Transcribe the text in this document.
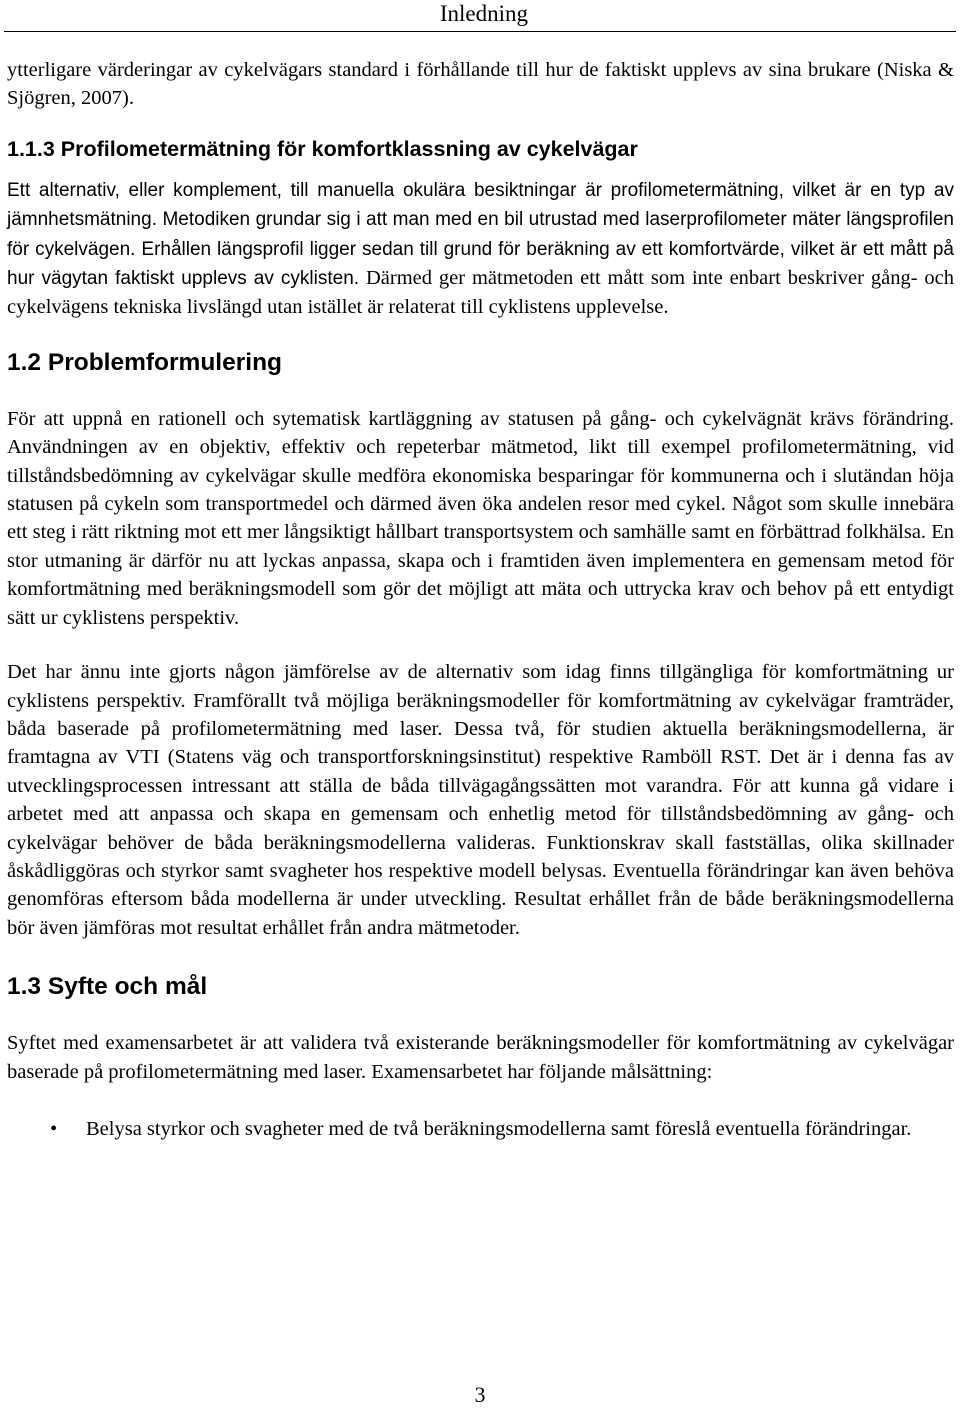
Inledning

ytterligare värderingar av cykelvägars standard i förhållande till hur de faktiskt upplevs av sina brukare (Niska & Sjögren, 2007).

1.1.3 Profilometermätning för komfortklassning av cykelvägar

Ett alternativ, eller komplement, till manuella okulära besiktningar är profilometermätning, vilket är en typ av jämnhetsmätning. Metodiken grundar sig i att man med en bil utrustad med laserprofilometer mäter längsprofilen för cykelvägen. Erhållen längsprofil ligger sedan till grund för beräkning av ett komfortvärde, vilket är ett mått på hur vägytan faktiskt upplevs av cyklisten. Därmed ger mätmetoden ett mått som inte enbart beskriver gång- och cykelvägens tekniska livslängd utan istället är relaterat till cyklistens upplevelse.

1.2 Problemformulering

För att uppnå en rationell och sytematisk kartläggning av statusen på gång- och cykelvägnät krävs förändring. Användningen av en objektiv, effektiv och repeterbar mätmetod, likt till exempel profilometermätning, vid tillståndsbedömning av cykelvägar skulle medföra ekonomiska besparingar för kommunerna och i slutändan höja statusen på cykeln som transportmedel och därmed även öka andelen resor med cykel. Något som skulle innebära ett steg i rätt riktning mot ett mer långsiktigt hållbart transportsystem och samhälle samt en förbättrad folkhälsa. En stor utmaning är därför nu att lyckas anpassa, skapa och i framtiden även implementera en gemensam metod för komfortmätning med beräkningsmodell som gör det möjligt att mäta och uttrycka krav och behov på ett entydigt sätt ur cyklistens perspektiv.

Det har ännu inte gjorts någon jämförelse av de alternativ som idag finns tillgängliga för komfortmätning ur cyklistens perspektiv. Framförallt två möjliga beräkningsmodeller för komfortmätning av cykelvägar framträder, båda baserade på profilometermätning med laser. Dessa två, för studien aktuella beräkningsmodellerna, är framtagna av VTI (Statens väg och transportforskningsinstitut) respektive Ramböll RST. Det är i denna fas av utvecklingsprocessen intressant att ställa de båda tillvägagångssätten mot varandra. För att kunna gå vidare i arbetet med att anpassa och skapa en gemensam och enhetlig metod för tillståndsbedömning av gång- och cykelvägar behöver de båda beräkningsmodellerna valideras. Funktionskrav skall fastställas, olika skillnader åskådliggöras och styrkor samt svagheter hos respektive modell belysas. Eventuella förändringar kan även behöva genomföras eftersom båda modellerna är under utveckling. Resultat erhållet från de både beräkningsmodellerna bör även jämföras mot resultat erhållet från andra mätmetoder.

1.3 Syfte och mål

Syftet med examensarbetet är att validera två existerande beräkningsmodeller för komfortmätning av cykelvägar baserade på profilometermätning med laser. Examensarbetet har följande målsättning:

• Belysa styrkor och svagheter med de två beräkningsmodellerna samt föreslå eventuella förändringar.
3
